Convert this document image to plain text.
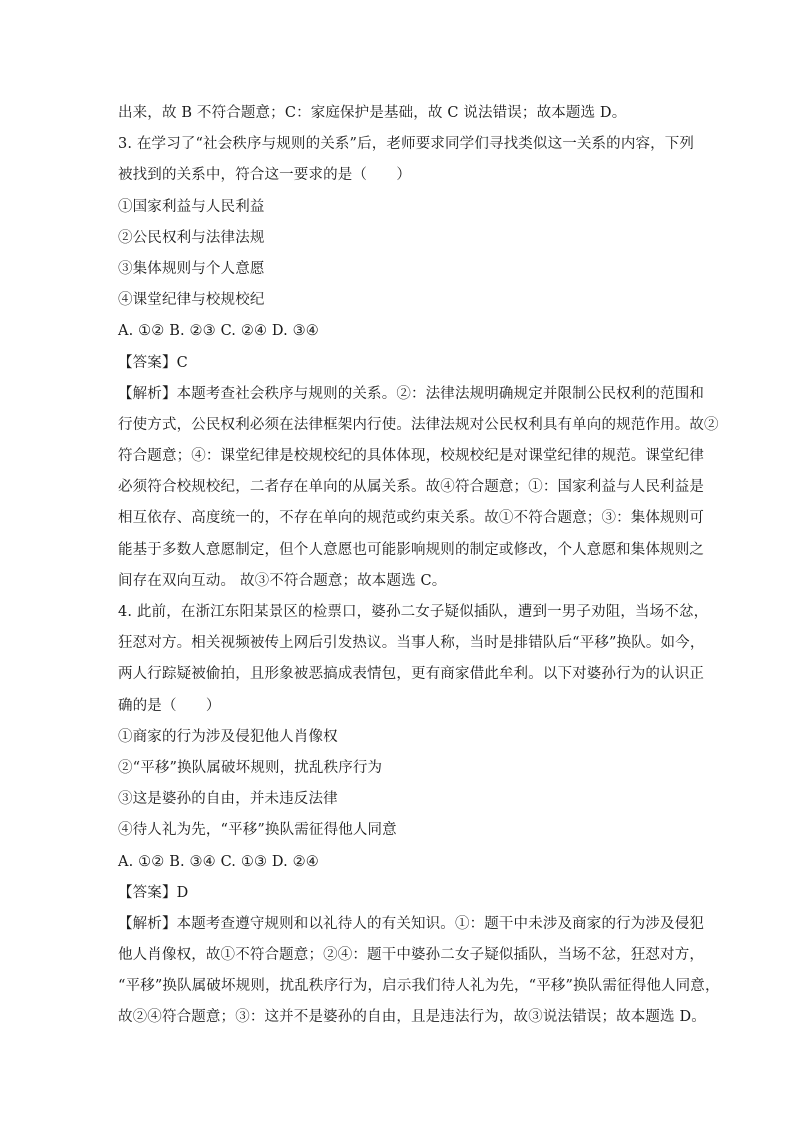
出来，故 B 不符合题意；C：家庭保护是基础，故 C 说法错误；故本题选 D。
3. 在学习了“社会秩序与规则的关系”后，老师要求同学们寻找类似这一关系的内容，下列
被找到的关系中，符合这一要求的是（　　）
①国家利益与人民利益
②公民权利与法律法规
③集体规则与个人意愿
④课堂纪律与校规校纪
A. ①② B. ②③ C. ②④ D. ③④
【答案】C
【解析】本题考查社会秩序与规则的关系。②：法律法规明确规定并限制公民权利的范围和
行使方式，公民权利必须在法律框架内行使。法律法规对公民权利具有单向的规范作用。故②
符合题意；④：课堂纪律是校规校纪的具体体现，校规校纪是对课堂纪律的规范。课堂纪律
必须符合校规校纪，二者存在单向的从属关系。故④符合题意；①：国家利益与人民利益是
相互依存、高度统一的，不存在单向的规范或约束关系。故①不符合题意；③：集体规则可
能基于多数人意愿制定，但个人意愿也可能影响规则的制定或修改，个人意愿和集体规则之
间存在双向互动。 故③不符合题意；故本题选 C。
4. 此前，在浙江东阳某景区的检票口，婆孙二女子疑似插队，遭到一男子劝阻，当场不忿，
狂怼对方。相关视频被传上网后引发热议。当事人称，当时是排错队后“平移”换队。如今，
两人行踪疑被偷拍，且形象被恶搞成表情包，更有商家借此牟利。以下对婆孙行为的认识正
确的是（　　）
①商家的行为涉及侵犯他人肖像权
②“平移”换队属破坏规则，扰乱秩序行为
③这是婆孙的自由，并未违反法律
④待人礼为先，“平移”换队需征得他人同意
A. ①② B. ③④ C. ①③ D. ②④
【答案】D
【解析】本题考查遵守规则和以礼待人的有关知识。①：题干中未涉及商家的行为涉及侵犯
他人肖像权，故①不符合题意；②④：题干中婆孙二女子疑似插队，当场不忿，狂怼对方，
“平移”换队属破坏规则，扰乱秩序行为，启示我们待人礼为先，“平移”换队需征得他人同意，
故②④符合题意；③：这并不是婆孙的自由，且是违法行为，故③说法错误；故本题选 D。
